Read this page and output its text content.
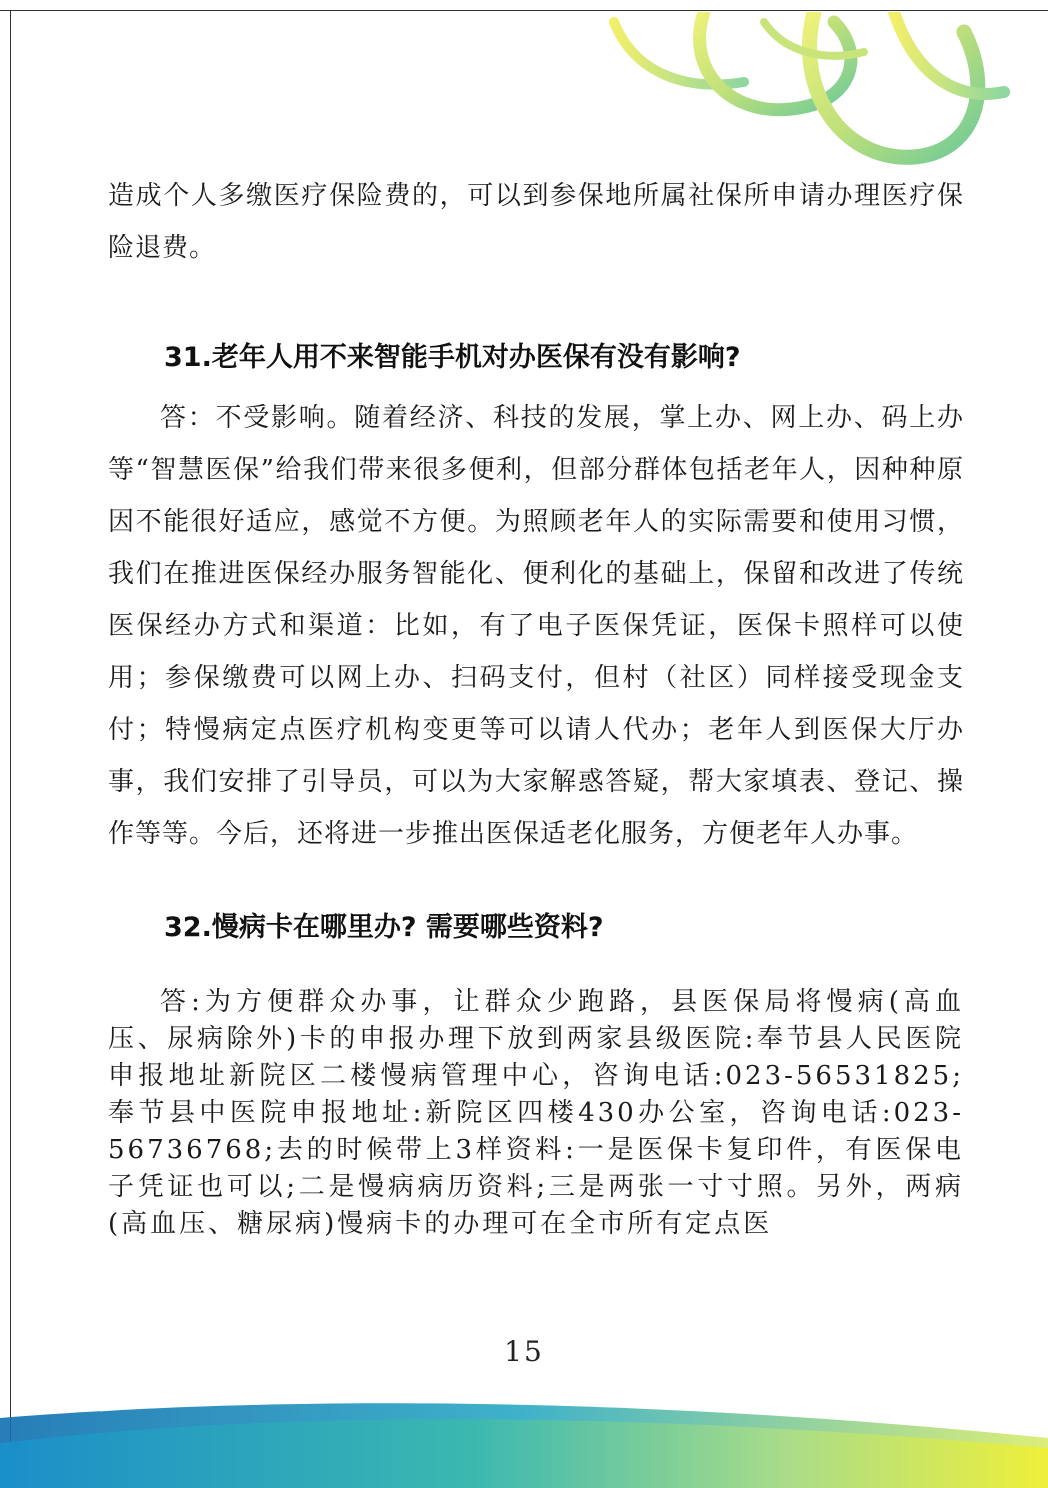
造成个人多缴医疗保险费的，可以到参保地所属社保所申请办理医疗保险退费。

31.老年人用不来智能手机对办医保有没有影响?

答：不受影响。随着经济、科技的发展，掌上办、网上办、码上办等“智慧医保”给我们带来很多便利，但部分群体包括老年人，因种种原因不能很好适应，感觉不方便。为照顾老年人的实际需要和使用习惯，我们在推进医保经办服务智能化、便利化的基础上，保留和改进了传统医保经办方式和渠道：比如，有了电子医保凭证，医保卡照样可以使用；参保缴费可以网上办、扫码支付，但村（社区）同样接受现金支付；特慢病定点医疗机构变更等可以请人代办；老年人到医保大厅办事，我们安排了引导员，可以为大家解惑答疑，帮大家填表、登记、操作等等。今后，还将进一步推出医保适老化服务，方便老年人办事。

32.慢病卡在哪里办? 需要哪些资料?

答:为方便群众办事，让群众少跑路，县医保局将慢病(高血压、尿病除外)卡的申报办理下放到两家县级医院:奉节县人民医院申报地址新院区二楼慢病管理中心，咨询电话:023-56531825;奉节县中医院申报地址:新院区四楼430办公室，咨询电话:023-56736768;去的时候带上3样资料:一是医保卡复印件，有医保电子凭证也可以;二是慢病病历资料;三是两张一寸寸照。另外，两病(高血压、糖尿病)慢病卡的办理可在全市所有定点医

15
